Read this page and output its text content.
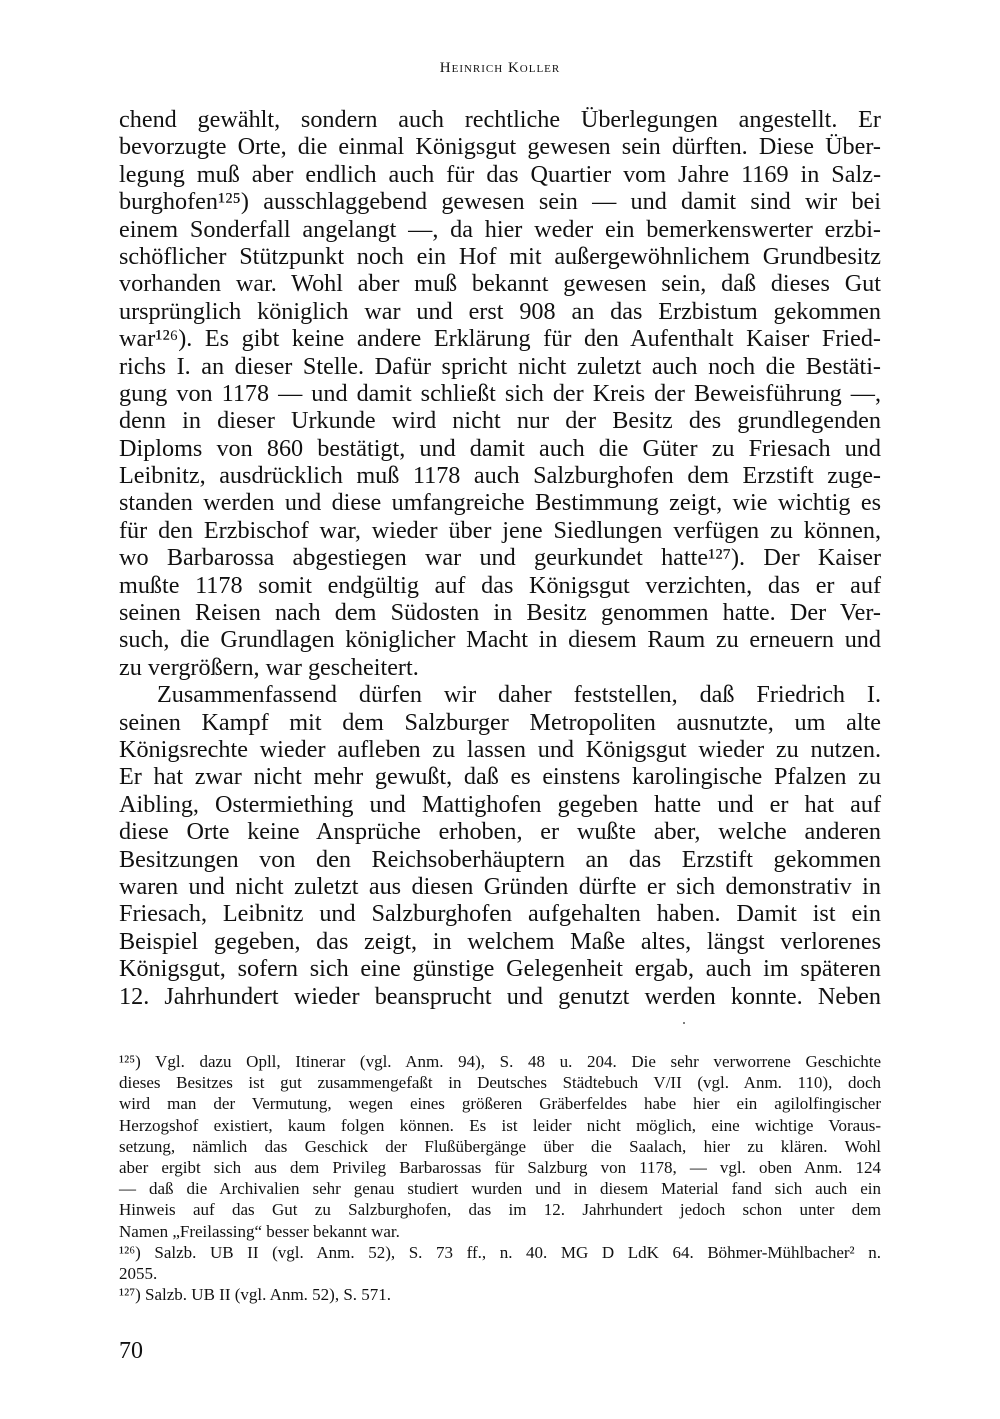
Heinrich Koller
chend gewählt, sondern auch rechtliche Überlegungen angestellt. Er
bevorzugte Orte, die einmal Königsgut gewesen sein dürften. Diese Über-
legung muß aber endlich auch für das Quartier vom Jahre 1169 in Salz-
burghofen¹²⁵) ausschlaggebend gewesen sein — und damit sind wir bei
einem Sonderfall angelangt —, da hier weder ein bemerkenswerter erzbi-
schöflicher Stützpunkt noch ein Hof mit außergewöhnlichem Grundbesitz
vorhanden war. Wohl aber muß bekannt gewesen sein, daß dieses Gut
ursprünglich königlich war und erst 908 an das Erzbistum gekommen
war¹²⁶). Es gibt keine andere Erklärung für den Aufenthalt Kaiser Fried-
richs I. an dieser Stelle. Dafür spricht nicht zuletzt auch noch die Bestäti-
gung von 1178 — und damit schließt sich der Kreis der Beweisführung —,
denn in dieser Urkunde wird nicht nur der Besitz des grundlegenden
Diploms von 860 bestätigt, und damit auch die Güter zu Friesach und
Leibnitz, ausdrücklich muß 1178 auch Salzburghofen dem Erzstift zuge-
standen werden und diese umfangreiche Bestimmung zeigt, wie wichtig es
für den Erzbischof war, wieder über jene Siedlungen verfügen zu können,
wo Barbarossa abgestiegen war und geurkundet hatte¹²⁷). Der Kaiser
mußte 1178 somit endgültig auf das Königsgut verzichten, das er auf
seinen Reisen nach dem Südosten in Besitz genommen hatte. Der Ver-
such, die Grundlagen königlicher Macht in diesem Raum zu erneuern und
zu vergrößern, war gescheitert.
Zusammenfassend dürfen wir daher feststellen, daß Friedrich I.
seinen Kampf mit dem Salzburger Metropoliten ausnutzte, um alte
Königsrechte wieder aufleben zu lassen und Königsgut wieder zu nutzen.
Er hat zwar nicht mehr gewußt, daß es einstens karolingische Pfalzen zu
Aibling, Ostermiething und Mattighofen gegeben hatte und er hat auf
diese Orte keine Ansprüche erhoben, er wußte aber, welche anderen
Besitzungen von den Reichsoberhäuptern an das Erzstift gekommen
waren und nicht zuletzt aus diesen Gründen dürfte er sich demonstrativ in
Friesach, Leibnitz und Salzburghofen aufgehalten haben. Damit ist ein
Beispiel gegeben, das zeigt, in welchem Maße altes, längst verlorenes
Königsgut, sofern sich eine günstige Gelegenheit ergab, auch im späteren
12. Jahrhundert wieder beansprucht und genutzt werden konnte. Neben
¹²⁵) Vgl. dazu Opll, Itinerar (vgl. Anm. 94), S. 48 u. 204. Die sehr verworrene Geschichte
dieses Besitzes ist gut zusammengefaßt in Deutsches Städtebuch V/II (vgl. Anm. 110), doch
wird man der Vermutung, wegen eines größeren Gräberfeldes habe hier ein agilolfingischer
Herzogshof existiert, kaum folgen können. Es ist leider nicht möglich, eine wichtige Voraus-
setzung, nämlich das Geschick der Flußübergänge über die Saalach, hier zu klären. Wohl
aber ergibt sich aus dem Privileg Barbarossas für Salzburg von 1178, — vgl. oben Anm. 124
— daß die Archivalien sehr genau studiert wurden und in diesem Material fand sich auch ein
Hinweis auf das Gut zu Salzburghofen, das im 12. Jahrhundert jedoch schon unter dem
Namen „Freilassing“ besser bekannt war.
¹²⁶) Salzb. UB II (vgl. Anm. 52), S. 73 ff., n. 40. MG D LdK 64. Böhmer-Mühlbacher² n.
2055.
¹²⁷) Salzb. UB II (vgl. Anm. 52), S. 571.
70
